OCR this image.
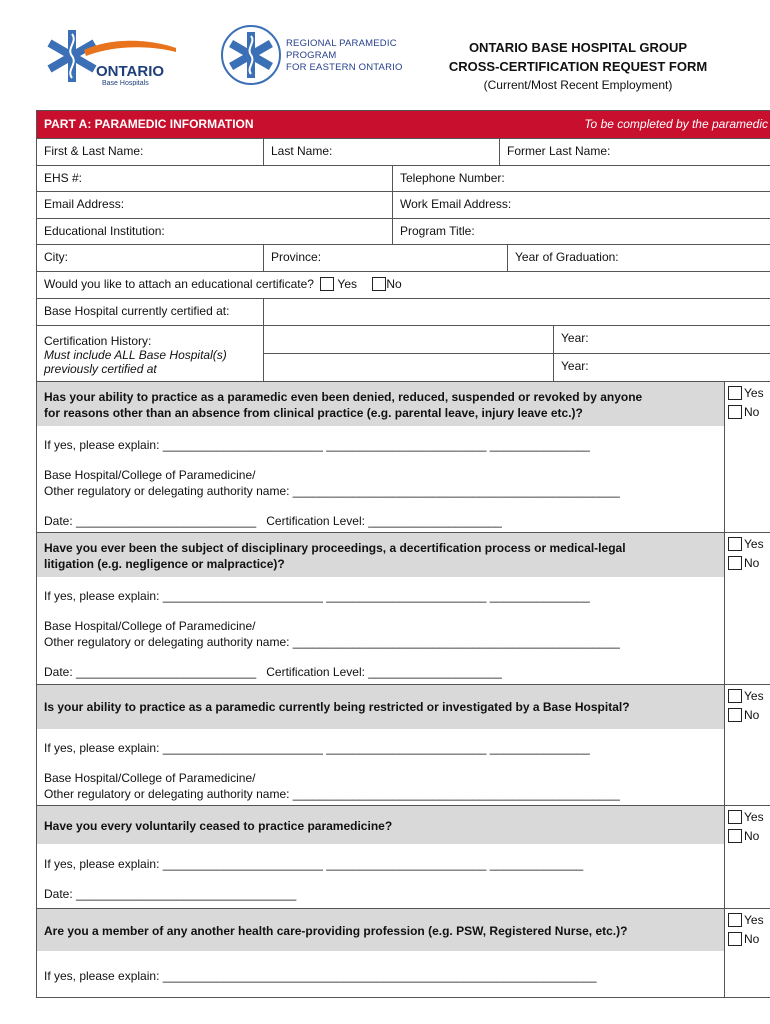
ONTARIO
Base Hospitals
REGIONAL PARAMEDIC PROGRAM
FOR EASTERN ONTARIO
ONTARIO BASE HOSPITAL GROUP
CROSS-CERTIFICATION REQUEST FORM
(Current/Most Recent Employment)
PART A: PARAMEDIC INFORMATION	To be completed by the paramedic
First & Last Name:	Last Name:	Former Last Name:
EHS #:	Telephone Number:
Email Address:	Work Email Address:
Educational Institution:	Program Title:
City:	Province:	Year of Graduation:
Would you like to attach an educational certificate? Yes No
Base Hospital currently certified at:
Certification History:
Must include ALL Base Hospital(s)
previously certified at
Year:
Year:
Has your ability to practice as a paramedic even been denied, reduced, suspended or revoked by anyone
for reasons other than an absence from clinical practice (e.g. parental leave, injury leave etc.)?
If yes, please explain: ________________________ ________________________ _______________
Base Hospital/College of Paramedicine/
Other regulatory or delegating authority name: _________________________________________________
Date: ___________________________ Certification Level: ____________________
Yes
No
Have you ever been the subject of disciplinary proceedings, a decertification process or medical-legal
litigation (e.g. negligence or malpractice)?
If yes, please explain: ________________________ ________________________ _______________
Base Hospital/College of Paramedicine/
Other regulatory or delegating authority name: _________________________________________________
Date: ___________________________ Certification Level: ____________________
Yes
No
Is your ability to practice as a paramedic currently being restricted or investigated by a Base Hospital?
If yes, please explain: ________________________ ________________________ _______________
Base Hospital/College of Paramedicine/
Other regulatory or delegating authority name: _________________________________________________
Yes
No
Have you every voluntarily ceased to practice paramedicine?
If yes, please explain: ________________________ ________________________ ______________
Date: _________________________________
Yes
No
Are you a member of any another health care-providing profession (e.g. PSW, Registered Nurse, etc.)?
If yes, please explain: _________________________________________________________________
Yes
No
